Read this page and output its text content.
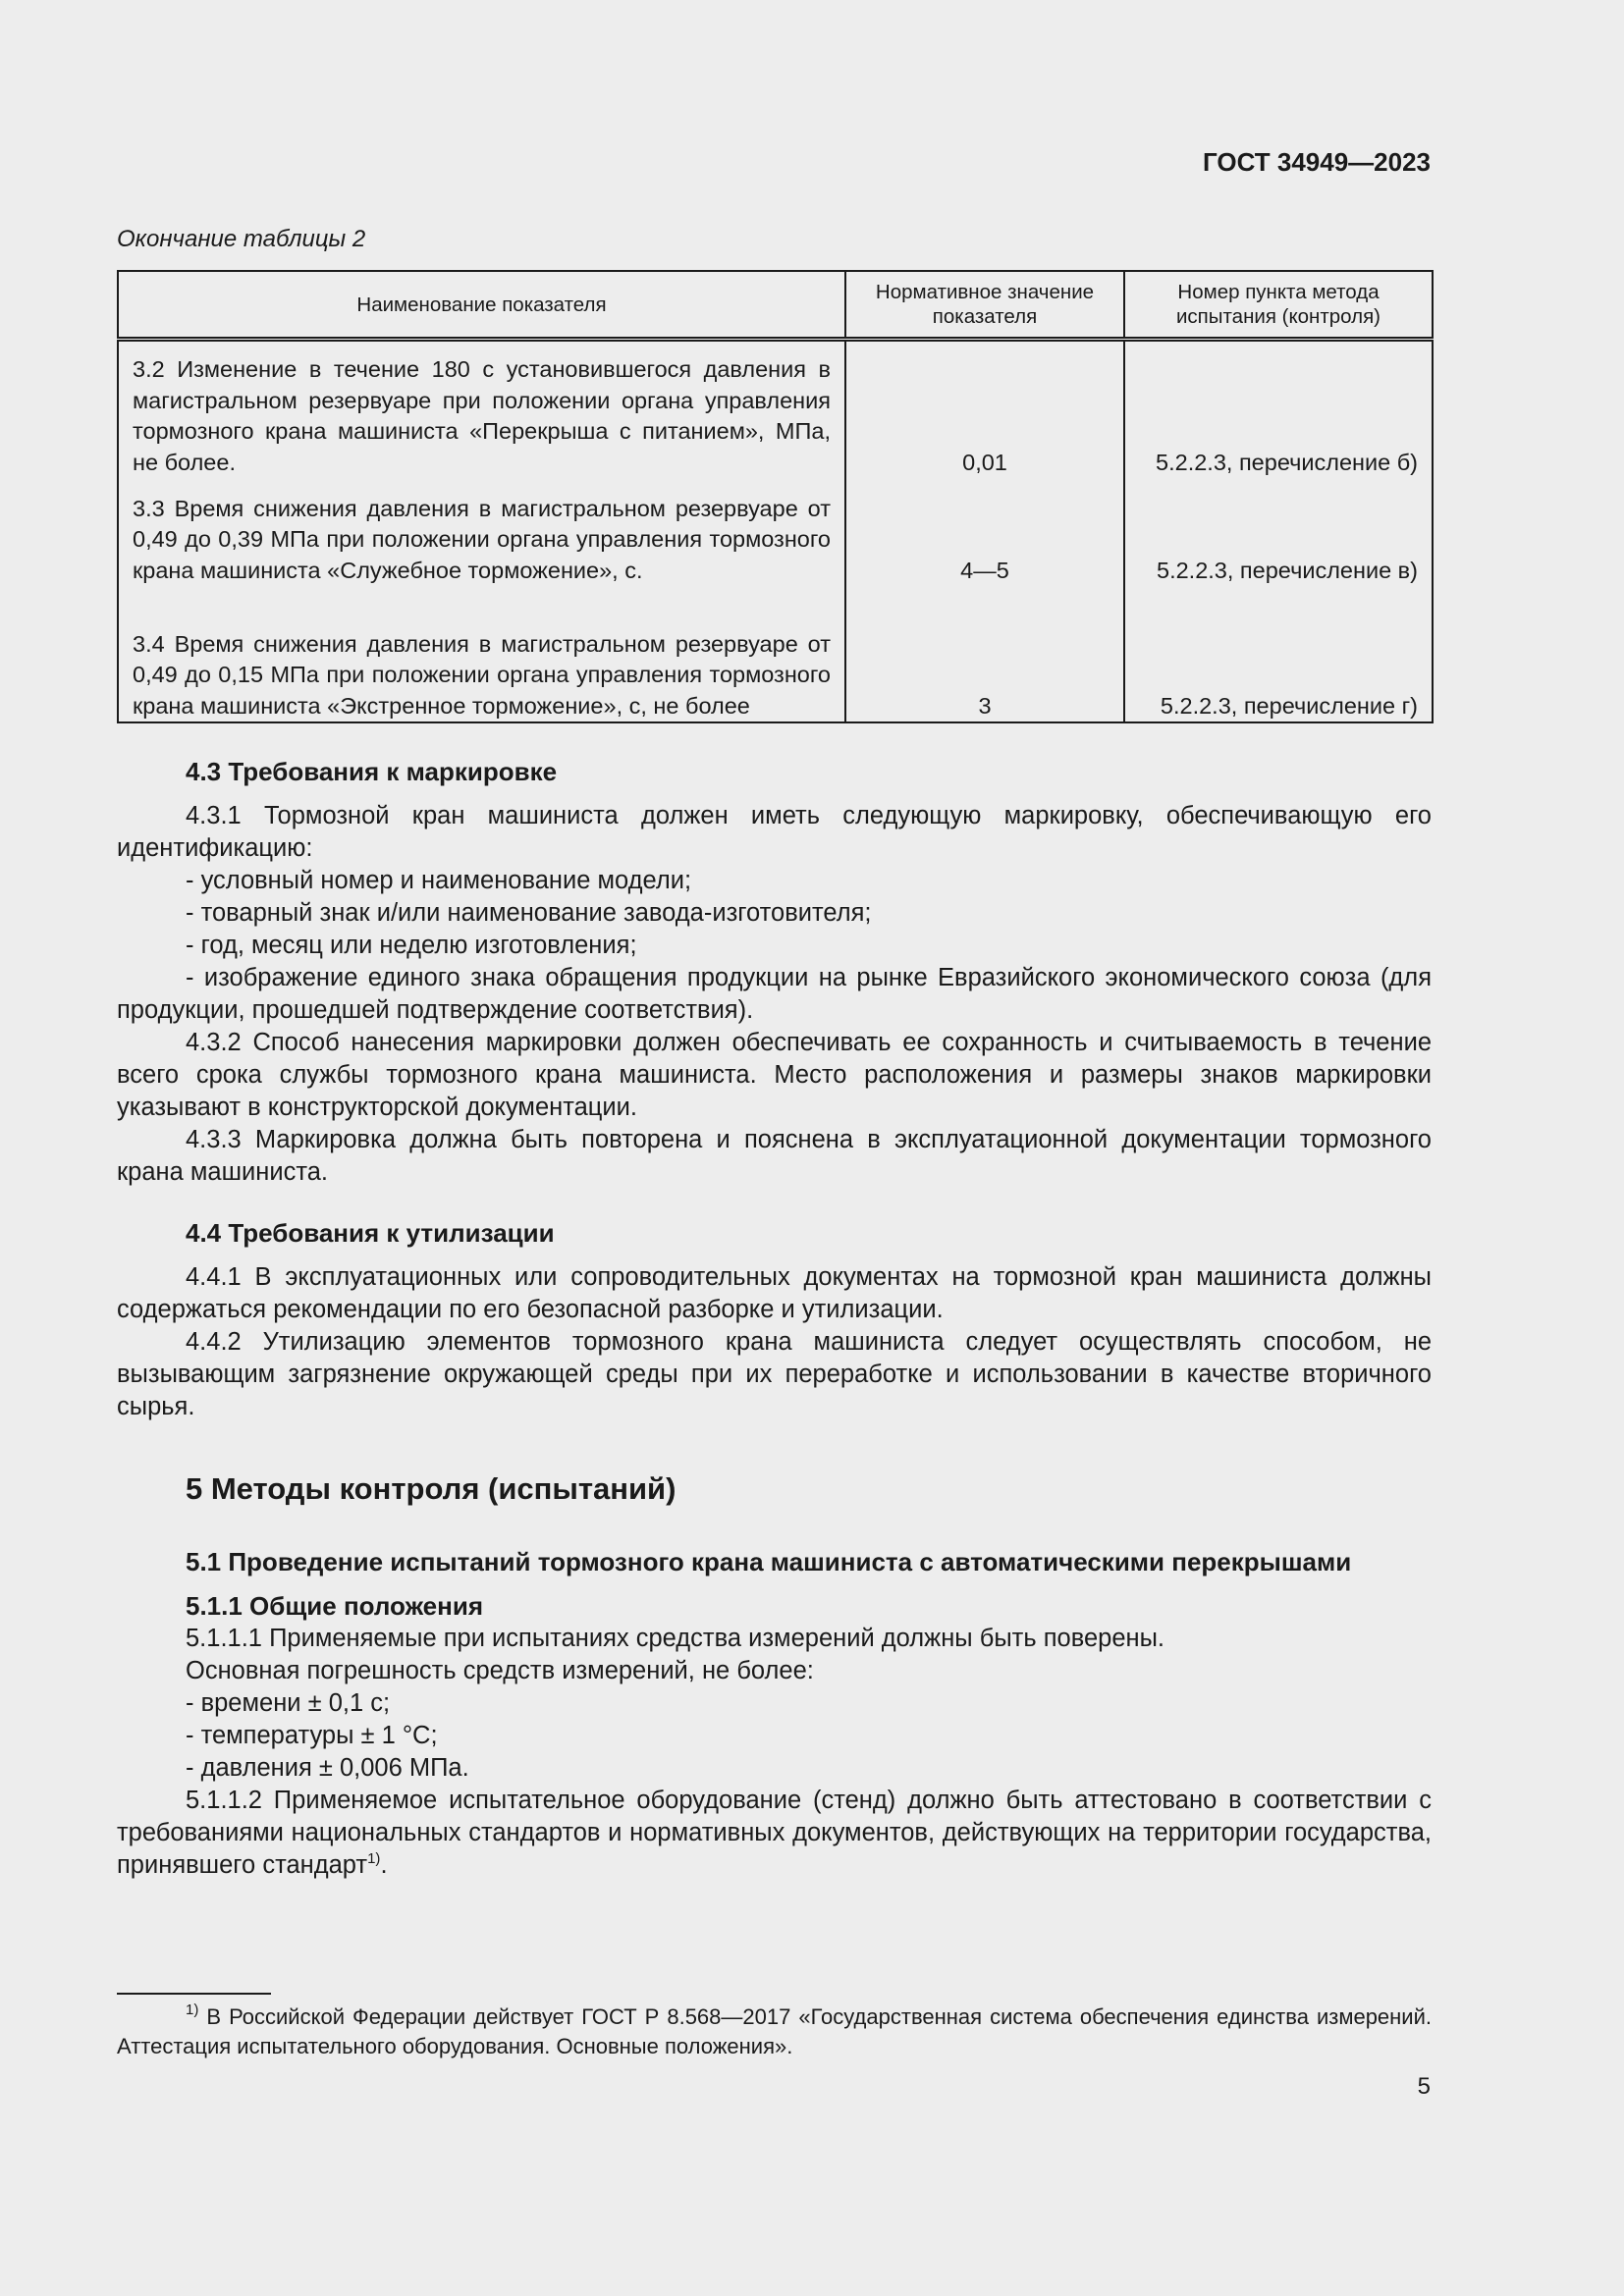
ГОСТ 34949—2023
Окончание таблицы 2
Наименование показателя	Нормативное значение показателя	Номер пункта метода испытания (контроля)

3.2 Изменение в течение 180 с установившегося давления в магистральном резервуаре при положении органа управления тормозного крана машиниста «Перекрыша с питанием», МПа, не более.	0,01	5.2.2.3, перечисление б)

3.3 Время снижения давления в магистральном резервуаре от 0,49 до 0,39 МПа при положении органа управления тормозного крана машиниста «Служебное торможение», с.	4—5	5.2.2.3, перечисление в)

3.4 Время снижения давления в магистральном резервуаре от 0,49 до 0,15 МПа при положении органа управления тормозного крана машиниста «Экстренное торможение», с, не более	3	5.2.2.3, перечисление г)
4.3 Требования к маркировке

4.3.1 Тормозной кран машиниста должен иметь следующую маркировку, обеспечивающую его идентификацию:

- условный номер и наименование модели;

- товарный знак и/или наименование завода-изготовителя;

- год, месяц или неделю изготовления;

- изображение единого знака обращения продукции на рынке Евразийского экономического союза (для продукции, прошедшей подтверждение соответствия).

4.3.2 Способ нанесения маркировки должен обеспечивать ее сохранность и считываемость в течение всего срока службы тормозного крана машиниста. Место расположения и размеры знаков маркировки указывают в конструкторской документации.

4.3.3 Маркировка должна быть повторена и пояснена в эксплуатационной документации тормозного крана машиниста.

4.4 Требования к утилизации

4.4.1 В эксплуатационных или сопроводительных документах на тормозной кран машиниста должны содержаться рекомендации по его безопасной разборке и утилизации.

4.4.2 Утилизацию элементов тормозного крана машиниста следует осуществлять способом, не вызывающим загрязнение окружающей среды при их переработке и использовании в качестве вторичного сырья.

5 Методы контроля (испытаний)
5.1 Проведение испытаний тормозного крана машиниста с автоматическими перекрышами
5.1.1 Общие положения

5.1.1.1 Применяемые при испытаниях средства измерений должны быть поверены.

Основная погрешность средств измерений, не более:

- времени ± 0,1 с;

- температуры ± 1 °С;

- давления ± 0,006 МПа.

5.1.1.2 Применяемое испытательное оборудование (стенд) должно быть аттестовано в соответствии с требованиями национальных стандартов и нормативных документов, действующих на территории государства, принявшего стандарт$^{1)}$.

$^{1)}$ В Российской Федерации действует ГОСТ Р 8.568—2017 «Государственная система обеспечения единства измерений. Аттестация испытательного оборудования. Основные положения».

5
